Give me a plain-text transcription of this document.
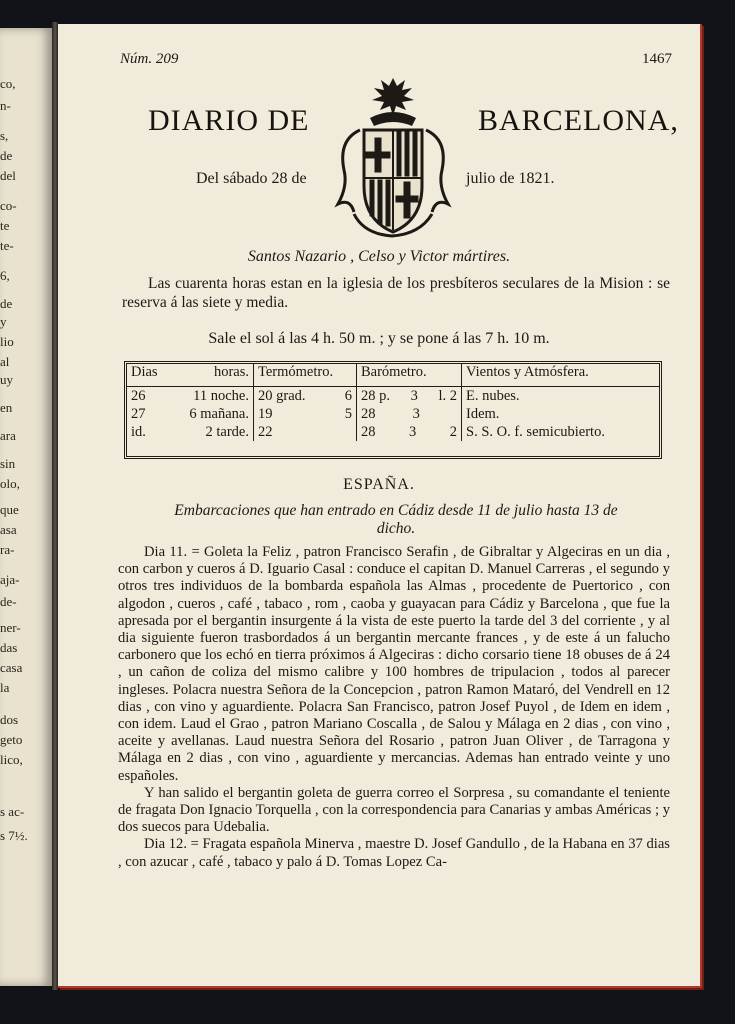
co,
n-
s,
de
del
co-
te
te-
6,
de
y
lio
al
uy
en
ara
sin
olo,
que
asa
ra-
aja-
de-
ner-
das
casa
la
dos
geto
lico,
s ac-
s 7½.
Núm. 209	1467
DIARIO DE	BARCELONA,
Del sábado 28 de	julio de 1821.
Santos Nazario , Celso y Victor mártires.
Las cuarenta horas estan en la iglesia de los presbíteros seculares de la Mision : se reserva á las siete y media.
Sale el sol á las 4 h. 50 m. ; y se pone á las 7 h. 10 m.
Dias horas.	Termómetro.	Barómetro.	Vientos y Atmósfera.

26 11 noche.	20 grad. 6	28 p. 3 l. 2	E. nubes.

27 6 mañana.	19 5	28 3	Idem.

id. 2 tarde.	22	28 3 2	S. S. O. f. semicubierto.
ESPAÑA.
Embarcaciones que han entrado en Cádiz desde 11 de julio hasta 13 de dicho.

Dia 11. = Goleta la Feliz , patron Francisco Serafin , de Gibraltar y Algeciras en un dia , con carbon y cueros á D. Iguario Casal : conduce el capitan D. Manuel Carreras , el segundo y otros tres individuos de la bombarda española las Almas , procedente de Puertorico , con algodon , cueros , café , tabaco , rom , caoba y guayacan para Cádiz y Barcelona , que fue la apresada por el bergantin insurgente á la vista de este puerto la tarde del 3 del corriente , y al dia siguiente fueron trasbordados á un bergantin mercante frances , y de este á un falucho carbonero que los echó en tierra próximos á Algeciras : dicho corsario tiene 18 obuses de á 24 , un cañon de coliza del mismo calibre y 100 hombres de tripulacion , todos al parecer ingleses. Polacra nuestra Señora de la Concepcion , patron Ramon Mataró, del Vendrell en 12 dias , con vino y aguardiente. Polacra San Francisco, patron Josef Puyol , de Idem en idem , con idem. Laud el Grao , patron Mariano Coscalla , de Salou y Málaga en 2 dias , con vino , aceite y avellanas. Laud nuestra Señora del Rosario , patron Juan Oliver , de Tarragona y Málaga en 2 dias , con vino , aguardiente y mercancias. Ademas han entrado veinte y uno españoles.

Y han salido el bergantin goleta de guerra correo el Sorpresa , su comandante el teniente de fragata Don Ignacio Torquella , con la correspondencia para Canarias y ambas Américas ; y dos suecos para Udebalia.

Dia 12. = Fragata española Minerva , maestre D. Josef Gandullo , de la Habana en 37 dias , con azucar , café , tabaco y palo á D. Tomas Lopez Ca-
